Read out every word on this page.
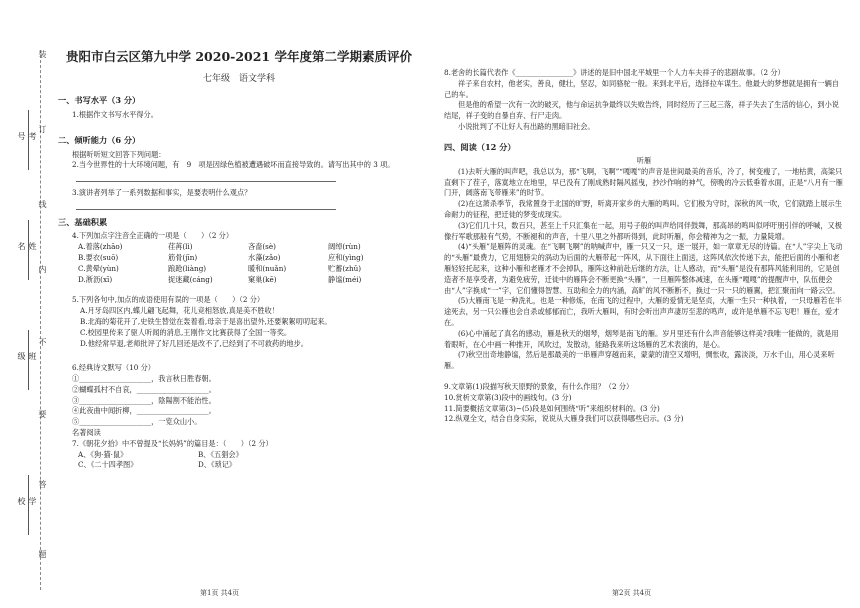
装
订
线
内
不
要
答
题
考号
姓名
班级
学校
贵阳市白云区第九中学 2020-2021 学年度第二学期素质评价
七年级　语文学科
一、书写水平（3 分）

1.根据作文书写水平得分。

二、倾听能力（6 分）

根据听听短文回答下列问题：

2.当今世界性的十大环境问题，有　9　项是因绿色植被遭遇破坏而直接导致的。请写出其中的 3 项。

3.演讲者列举了一系列数据和事实，是要表明什么观点？

三、基础积累

4.下列加点字注音全正确的一项是（　　）（2 分）

A.着落(zhāo)	荏苒(lì)	吝啬(sè)	阔绰(rùn)
B.要衣(suō)	筋骨(jīn)	水藻(zǎo)	应和(yìng)
C.黄晕(yùn)	踉跄(liàng)	暖和(nuǎn)	贮蓄(zhǔ)
D.淅沥(xī)	捉迷藏(cáng)	窠巢(kē)	静谧(méi)

5.下列各句中,加点的成语使用有误的一项是（　　）（2 分）

A.月牙岛四区内,蝶儿翩飞起舞，花儿竞相怒放,真是美不胜收！

B.北海的菊花开了,史铁生替觉在轰着看,母亲于是喜出望外,还要絮絮叨叨起来。

C.校园里传来了驱人听闻的消息,王刚作文比赛获得了全国一等奖。

D.他经常早退,老师批评了好几回还是改不了,已经到了不可救药的地步。

6.经典诗文默写（10 分）

①____________________，我言秋日胜春朝。

②蝴蝶孤村不自哀，____________________。

③____________________，陰陽割不能治性。

④此夜曲中闻折柳，____________________。

⑤____________________，一览众山小。

名著阅读

7.《朝花夕拾》中不曾提及“长妈妈”的篇目是：（　　）（2 分）

A、《狗·猫·鼠》	B、《五猖会》
C、《二十四孝图》	D、《琐记》
第1页 共4页

8.老舍的长篇代表作《________________》讲述的是旧中国北平城里一个人力车夫祥子的悲剧故事。（2 分）

祥子来自农村，他老实，善良，健壮，坚忍，如同骆驼一般。来到北平后，选择拉车谋生。他最大的梦想就是拥有一辆自己的车。

但是他的希望一次有一次的破灭，他与命运抗争最终以失败告终，同时经历了三起三落，祥子失去了生活的信心，到小说结尾，祥子变的自暴自弃、行尸走肉。

小说批判了不让好人有出路的黑暗旧社会。

四、阅读（12 分）
听雁

(1)去听大雁的叫声吧，我总以为，那“飞啊，飞啊”“嘎嘎”的声音是世间最美的音乐，冷了，树变瘦了，一地枯黄，高粱只直剩下了茬子，落寞地立在地里，早已没有了刚成熟时隔风摇曳，抄沙作响的神气，傍晚的冷云低垂着水面，正是“八月有一雁门开，阔落南飞带雁来”的时节。

(2)在这萧杀季节，我常置身于北国的旷野，听离开家乡的大雁的鸣叫。它们极为守时，深秋的风一吹，它们就踏上展示生命耐力的征程，把迁徙的梦变成现实。

(3)它们几十只，数百只，甚至上千只汇集在一起，用号子般的叫声给同伴鼓舞，那高昂的鸣叫似呼吁朋引伴的呼喊，又极像行军歌那般有气势，不断褪和的声音，十里八里之外都听得到，此时听雁，你会精神为之一振，力量陡增。

(4)“头雁”是雁阵的灵魂。在“飞啊飞啊”的呐喊声中，雁一只又一只，逐一展开，如一章章无尽的诗篇。在“人”字尖上飞动的“头雁”最费力，它用翅膀尖的涡动为后面的大雁带起一阵风，从下面往上面送，这阵风依次传递下去，能把后面的小雁和老雁轻轻托起来，这种小雁和老雁才不会掉队，雁阵这种前赴后继的方法，让人感动，而“头雁”是没有那阵风能利用的，它是创造者不是享受者，为避免疲劳，迁徙中的雁阵会不断更换“头雁”，一旦雁阵整体减速，在头雁“嘎嘎”的提醒声中，队伍便会由“人”字换成“一”字，它们懂得智慧、互助和全力的内涵，高旷的风不断断不，换过一只一只的雁翼，把汇聚而向一路云空。

(5)大雁南飞是一种洗礼，也是一种修炼，在南飞的过程中，大雁的爱情无是坚贞，大雁一生只一种执着，一只母雁若在半途死去，另一只公雁也会自杀或郁郁而亡，我听大雁叫，有时会听出声声凄厉至悲的鸣声，或许是单雁不忘飞吧！雁在，爱才在。

(6)心中涌起了真名的感动，雁是秋天的烟琴，烟琴是南飞的雁。岁月里还有什么声音能够这样美?我唯一能做的，就是用着眼听，在心中画一种推开，风吹过，发散动，能路我来听这场雁的艺术表演的，是心。

(7)秋空出奇地静谧，然后是那最美的一串雁声穿越而来，蒙蒙的清空又增明，惆怅收，露淡淡，万水千山，用心灵来听雁。

9.文章第(1)段描写秋天原野的景象，有什么作用？（2 分）

10.赏析文章第(3)段中的画线句。(3 分)

11.简要概括文章第(3)~(5)段是如何围绕“听”来组织材料的。(3 分)

12.纵观全文，结合自身实际，说说从大雁身我们可以获得哪些启示。(3 分)

第2页 共4页
